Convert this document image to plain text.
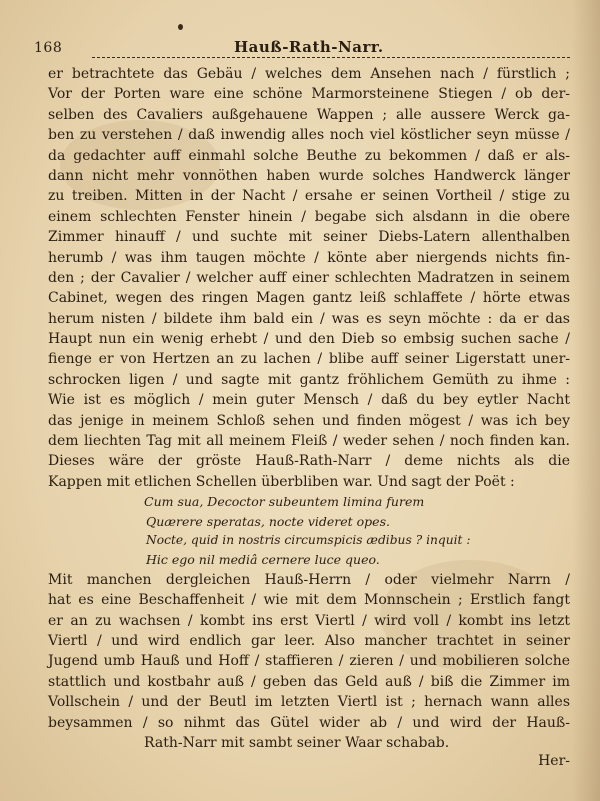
168	Hauß-Rath-Narr.
er betrachtete das Gebäu / welches dem Ansehen nach / fürstlich ;
Vor der Porten ware eine schöne Marmorsteinene Stiegen / ob der-
selben des Cavaliers außgehauene Wappen ; alle aussere Werck ga-
ben zu verstehen / daß inwendig alles noch viel köstlicher seyn müsse /
da gedachter auff einmahl solche Beuthe zu bekommen / daß er als-
dann nicht mehr vonnöthen haben wurde solches Handwerck länger
zu treiben. Mitten in der Nacht / ersahe er seinen Vortheil / stige zu
einem schlechten Fenster hinein / begabe sich alsdann in die obere
Zimmer hinauff / und suchte mit seiner Diebs-Latern allenthalben
herumb / was ihm taugen möchte / könte aber niergends nichts fin-
den ; der Cavalier / welcher auff einer schlechten Madratzen in seinem
Cabinet, wegen des ringen Magen gantz leiß schlaffete / hörte etwas
herum nisten / bildete ihm bald ein / was es seyn möchte : da er das
Haupt nun ein wenig erhebt / und den Dieb so embsig suchen sache /
fienge er von Hertzen an zu lachen / blibe auff seiner Ligerstatt uner-
schrocken ligen / und sagte mit gantz fröhlichem Gemüth zu ihme :
Wie ist es möglich / mein guter Mensch / daß du bey eytler Nacht
das jenige in meinem Schloß sehen und finden mögest / was ich bey
dem liechten Tag mit all meinem Fleiß / weder sehen / noch finden kan.
Dieses wäre der gröste Hauß-Rath-Narr / deme nichts als die
Kappen mit etlichen Schellen überbliben war. Und sagt der Poët :
Cum sua, Decoctor subeuntem limina furem
Quærere speratas, nocte videret opes.
Nocte, quid in nostris circumspicis ædibus ? inquit :
Hic ego nil mediâ cernere luce queo.
Mit manchen dergleichen Hauß-Herrn / oder vielmehr Narrn /
hat es eine Beschaffenheit / wie mit dem Monnschein ; Erstlich fangt
er an zu wachsen / kombt ins erst Viertl / wird voll / kombt ins letzt
Viertl / und wird endlich gar leer. Also mancher trachtet in seiner
Jugend umb Hauß und Hoff / staffieren / zieren / und mobilieren solche
stattlich und kostbahr auß / geben das Geld auß / biß die Zimmer im
Vollschein / und der Beutl im letzten Viertl ist ; hernach wann alles
beysammen / so nihmt das Gütel wider ab / und wird der Hauß-
Rath-Narr mit sambt seiner Waar schabab.
Her-
